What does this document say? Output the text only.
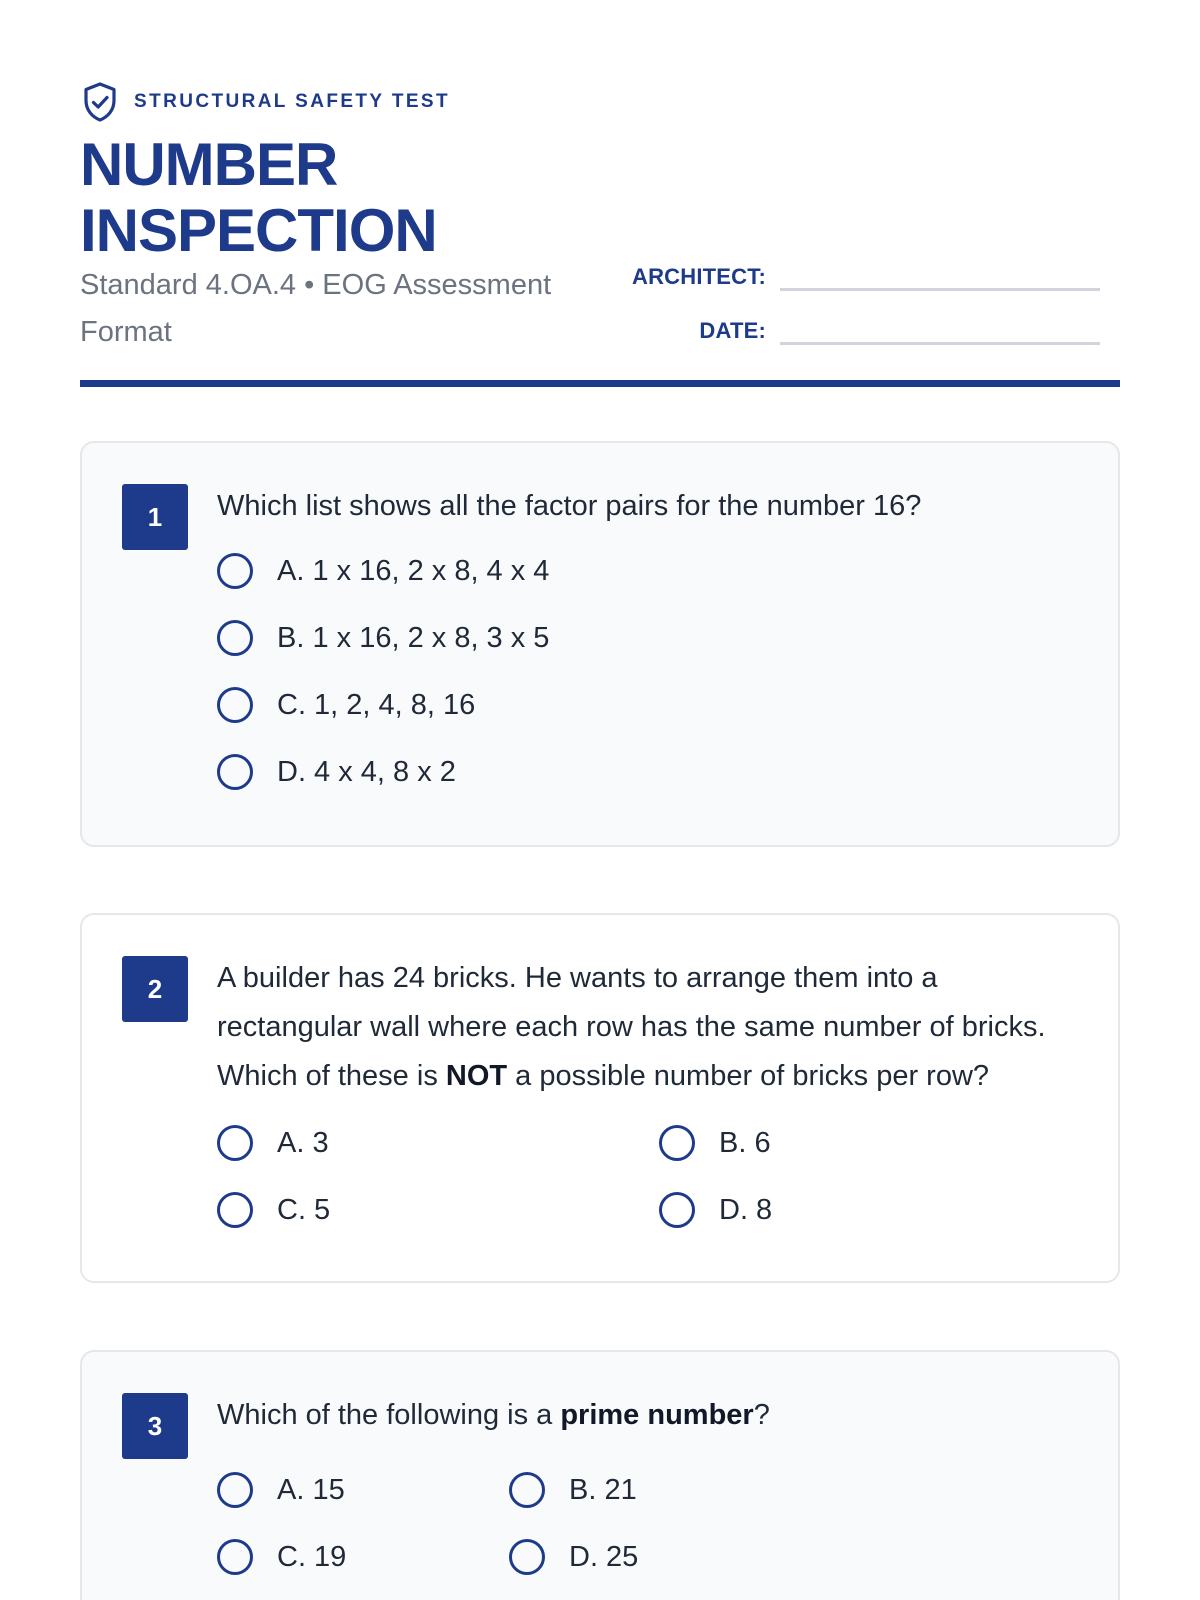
STRUCTURAL SAFETY TEST
NUMBER
INSPECTION
Standard 4.OA.4 • EOG Assessment Format
ARCHITECT:
DATE:
1	Which list shows all the factor pairs for the number 16?
A. 1 x 16, 2 x 8, 4 x 4
B. 1 x 16, 2 x 8, 3 x 5
C. 1, 2, 4, 8, 16
D. 4 x 4, 8 x 2
2	A builder has 24 bricks. He wants to arrange them into a rectangular wall where each row has the same number of bricks. Which of these is NOT a possible number of bricks per row?
A. 3	B. 6
C. 5	D. 8
3	Which of the following is a prime number?
A. 15	B. 21
C. 19	D. 25
